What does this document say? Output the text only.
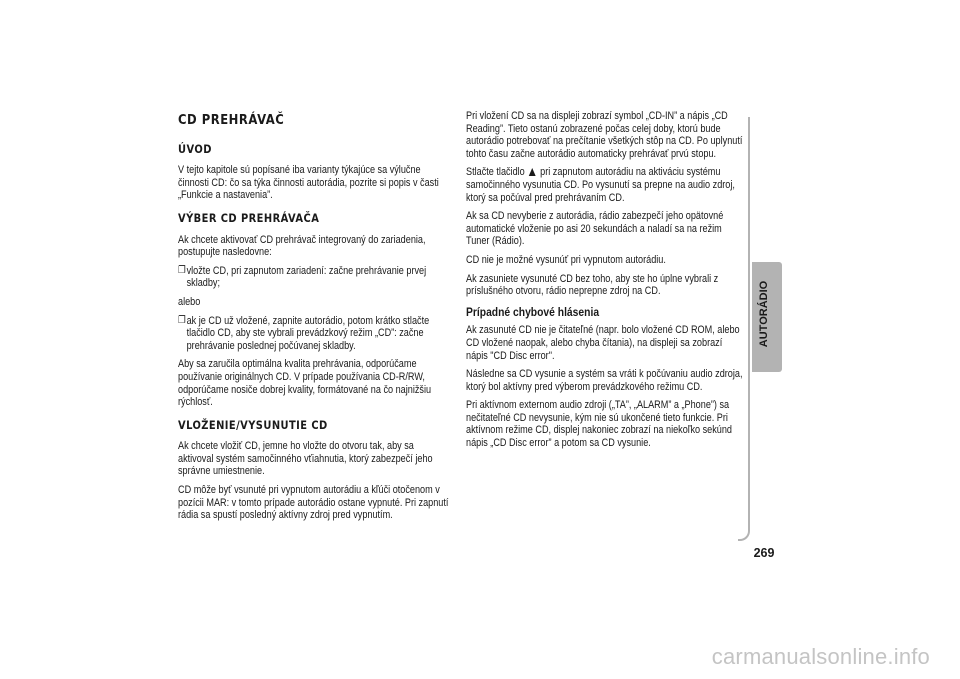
CD PREHRÁVAČ
ÚVOD

V tejto kapitole sú popísané iba varianty týkajúce sa výlučne činnosti CD: čo sa týka činnosti autorádia, pozrite si popis v časti „Funkcie a nastavenia”.

VÝBER CD PREHRÁVAČA

Ak chcete aktivovať CD prehrávač integrovaný do zariadenia, postupujte nasledovne:

❐ vložte CD, pri zapnutom zariadení: začne prehrávanie prvej skladby;

alebo

❐ ak je CD už vložené, zapnite autorádio, potom krátko stlačte tlačidlo CD, aby ste vybrali prevádzkový režim „CD”: začne prehrávanie poslednej počúvanej skladby.

Aby sa zaručila optimálna kvalita prehrávania, odporúčame používanie originálnych CD. V prípade používania CD-R/RW, odporúčame nosiče dobrej kvality, formátované na čo najnižšiu rýchlosť.

VLOŽENIE/VYSUNUTIE CD

Ak chcete vložiť CD, jemne ho vložte do otvoru tak, aby sa aktivoval systém samočinného vťiahnutia, ktorý zabezpečí jeho správne umiestnenie.

CD môže byť vsunuté pri vypnutom autorádiu a kľúči otočenom v pozícii MAR: v tomto prípade autorádio ostane vypnuté. Pri zapnutí rádia sa spustí posledný aktívny zdroj pred vypnutím.

Pri vložení CD sa na displeji zobrazí symbol „CD-IN” a nápis „CD Reading”. Tieto ostanú zobrazené počas celej doby, ktorú bude autorádio potrebovať na prečítanie všetkých stôp na CD. Po uplynutí tohto času začne autorádio automaticky prehrávať prvú stopu.

Stlačte tlačidlo pri zapnutom autorádiu na aktiváciu systému samočinného vysunutia CD. Po vysunutí sa prepne na audio zdroj, ktorý sa počúval pred prehrávaním CD.

Ak sa CD nevyberie z autorádia, rádio zabezpečí jeho opätovné automatické vloženie po asi 20 sekundách a naladí sa na režim Tuner (Rádio).

CD nie je možné vysunúť pri vypnutom autorádiu.

Ak zasuniete vysunuté CD bez toho, aby ste ho úplne vybrali z príslušného otvoru, rádio neprepne zdroj na CD.

Prípadné chybové hlásenia

Ak zasunuté CD nie je čitateľné (napr. bolo vložené CD ROM, alebo CD vložené naopak, alebo chyba čítania), na displeji sa zobrazí nápis "CD Disc error".

Následne sa CD vysunie a systém sa vráti k počúvaniu audio zdroja, ktorý bol aktívny pred výberom prevádzkového režimu CD.

Pri aktívnom externom audio zdroji („TA”, „ALARM” a „Phone”) sa nečitateľné CD nevysunie, kým nie sú ukončené tieto funkcie. Pri aktívnom režime CD, displej nakoniec zobrazí na niekoľko sekúnd nápis „CD Disc error” a potom sa CD vysunie.

AUTORÁDIO
269
carmanualsonline.info
